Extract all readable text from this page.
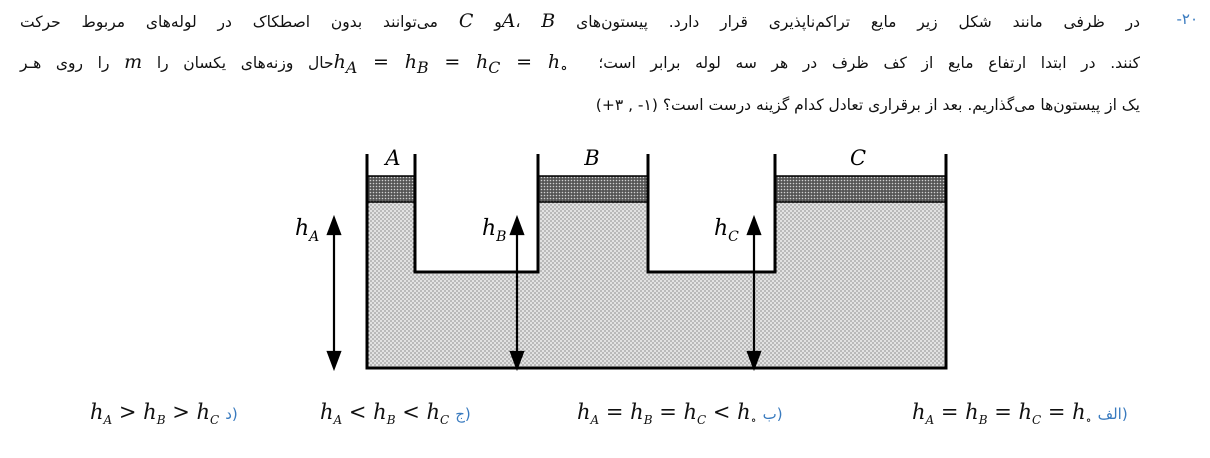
-۲۰
در ظرفی مانند شکل زیر مایع تراکم‌ناپذیری قرار دارد. پیستون‌های A، Bو C می‌توانند بدون اصطکاک در لوله‌های مربوط حرکت
کنند. در ابتدا ارتفاع مایع از کف ظرف در هر سه لوله برابر است؛ $h_A = h_B = h_C = h_\circ$ حال وزنه‌های یکسان را m را روی هـر
یک از پیستون‌ها می‌گذاریم. بعد از برقراری تعادل کدام گزینه درست است؟ (۱- , ۳+)
A	B	C
$h_A$	$h_B$	$h_C$
$h_A = h_B = h_C = h_\circ$ الف)
$h_A = h_B = h_C < h_\circ$ ب)
$h_A < h_B < h_C$ ج)
$h_A > h_B > h_C$ د)
